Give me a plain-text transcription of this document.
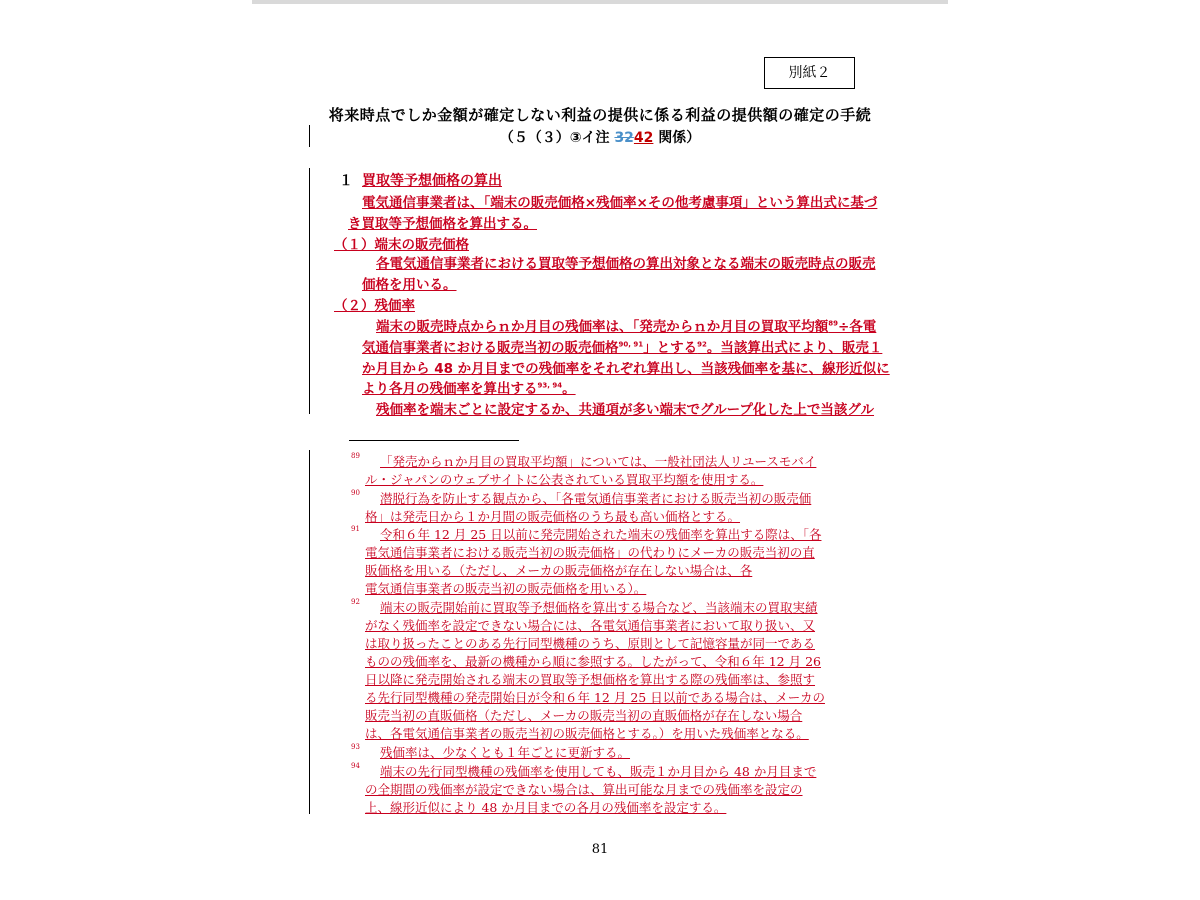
別紙２
将来時点でしか金額が確定しない利益の提供に係る利益の提供額の確定の手続
（５（３）③イ注 3242 関係）
１ 買取等予想価格の算出
電気通信事業者は、「端末の販売価格×残価率×その他考慮事項」という算出式に基づ
き買取等予想価格を算出する。
（１）端末の販売価格
各電気通信事業者における買取等予想価格の算出対象となる端末の販売時点の販売
価格を用いる。
（２）残価率
端末の販売時点からｎか月目の残価率は、「発売からｎか月目の買取平均額$^{89}$÷各電
気通信事業者における販売当初の販売価格$^{90, 91}$」とする$^{92}$。当該算出式により、販売１
か月目から 48 か月目までの残価率をそれぞれ算出し、当該残価率を基に、線形近似に
より各月の残価率を算出する$^{93, 94}$。
残価率を端末ごとに設定するか、共通項が多い端末でグループ化した上で当該グル
89 「発売からｎか月目の買取平均額」については、一般社団法人リユースモバイ
ル・ジャパンのウェブサイトに公表されている買取平均額を使用する。
90 潜脱行為を防止する観点から、「各電気通信事業者における販売当初の販売価
格」は発売日から１か月間の販売価格のうち最も高い価格とする。
91 令和６年 12 月 25 日以前に発売開始された端末の残価率を算出する際は、「各
電気通信事業者における販売当初の販売価格」の代わりにメーカの販売当初の直
販価格を用いる（ただし、メーカの販売価格が存在しない場合は、各
電気通信事業者の販売当初の販売価格を用いる）。
92 端末の販売開始前に買取等予想価格を算出する場合など、当該端末の買取実績
がなく残価率を設定できない場合には、各電気通信事業者において取り扱い、又
は取り扱ったことのある先行同型機種のうち、原則として記憶容量が同一である
ものの残価率を、最新の機種から順に参照する。したがって、令和６年 12 月 26
日以降に発売開始される端末の買取等予想価格を算出する際の残価率は、参照す
る先行同型機種の発売開始日が令和６年 12 月 25 日以前である場合は、メーカの
販売当初の直販価格（ただし、メーカの販売当初の直販価格が存在しない場合
は、各電気通信事業者の販売当初の販売価格とする。）を用いた残価率となる。
93 残価率は、少なくとも１年ごとに更新する。
94 端末の先行同型機種の残価率を使用しても、販売１か月目から 48 か月目まで
の全期間の残価率が設定できない場合は、算出可能な月までの残価率を設定の
上、線形近似により 48 か月目までの各月の残価率を設定する。
81
